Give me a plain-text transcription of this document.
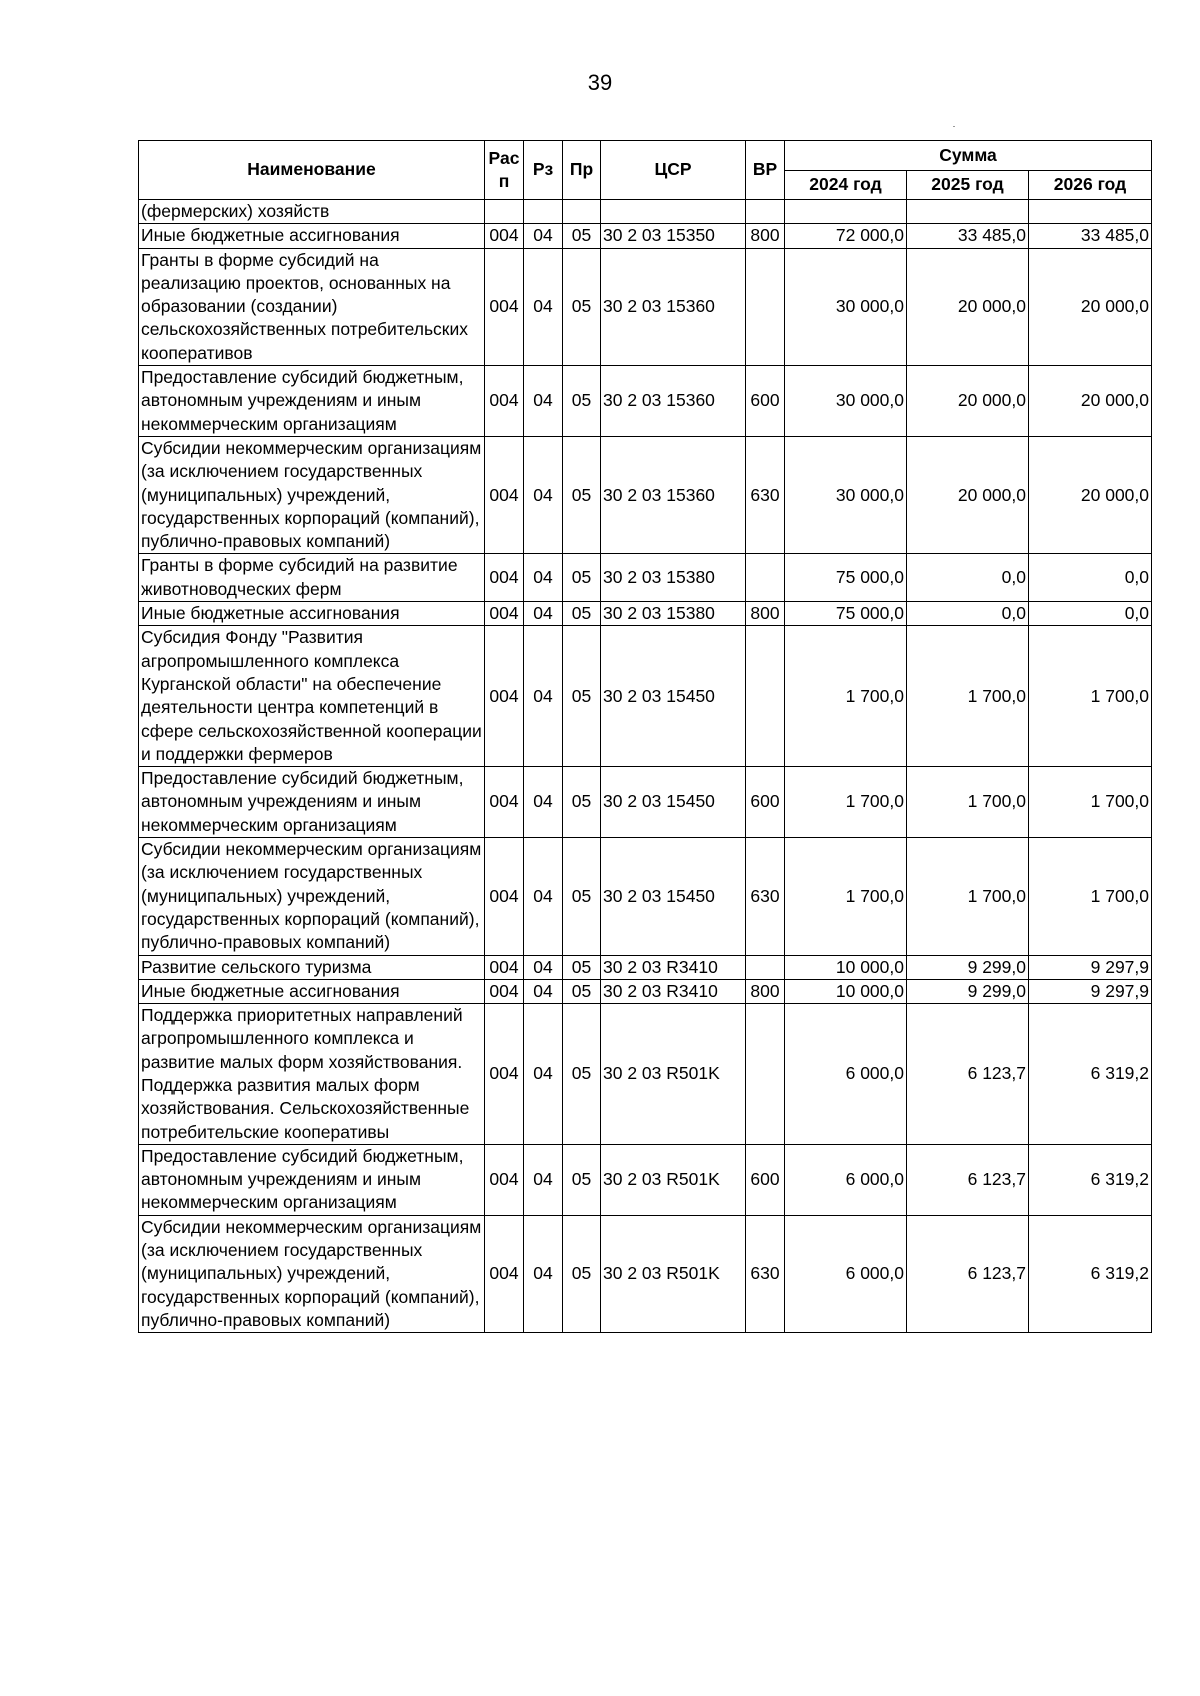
39
Наименование	Рас п	Рз	Пр	ЦСР	ВР	Сумма		
						2024 год	2025 год	2026 год
(фермерских) хозяйств								
Иные бюджетные ассигнования	004	04	05	30 2 03 15350	800	72 000,0	33 485,0	33 485,0
Гранты в форме субсидий на реализацию проектов, основанных на образовании (создании) сельскохозяйственных потребительских кооперативов	004	04	05	30 2 03 15360		30 000,0	20 000,0	20 000,0
Предоставление субсидий бюджетным, автономным учреждениям и иным некоммерческим организациям	004	04	05	30 2 03 15360	600	30 000,0	20 000,0	20 000,0
Субсидии некоммерческим организациям (за исключением государственных (муниципальных) учреждений, государственных корпораций (компаний), публично-правовых компаний)	004	04	05	30 2 03 15360	630	30 000,0	20 000,0	20 000,0
Гранты в форме субсидий на развитие животноводческих ферм	004	04	05	30 2 03 15380		75 000,0	0,0	0,0
Иные бюджетные ассигнования	004	04	05	30 2 03 15380	800	75 000,0	0,0	0,0
Субсидия Фонду "Развития агропромышленного комплекса Курганской области" на обеспечение деятельности центра компетенций в сфере сельскохозяйственной кооперации и поддержки фермеров	004	04	05	30 2 03 15450		1 700,0	1 700,0	1 700,0
Предоставление субсидий бюджетным, автономным учреждениям и иным некоммерческим организациям	004	04	05	30 2 03 15450	600	1 700,0	1 700,0	1 700,0
Субсидии некоммерческим организациям (за исключением государственных (муниципальных) учреждений, государственных корпораций (компаний), публично-правовых компаний)	004	04	05	30 2 03 15450	630	1 700,0	1 700,0	1 700,0
Развитие сельского туризма	004	04	05	30 2 03 R3410		10 000,0	9 299,0	9 297,9
Иные бюджетные ассигнования	004	04	05	30 2 03 R3410	800	10 000,0	9 299,0	9 297,9
Поддержка приоритетных направлений агропромышленного комплекса и развитие малых форм хозяйствования. Поддержка развития малых форм хозяйствования. Сельскохозяйственные потребительские кооперативы	004	04	05	30 2 03 R501K		6 000,0	6 123,7	6 319,2
Предоставление субсидий бюджетным, автономным учреждениям и иным некоммерческим организациям	004	04	05	30 2 03 R501K	600	6 000,0	6 123,7	6 319,2
Субсидии некоммерческим организациям (за исключением государственных (муниципальных) учреждений, государственных корпораций (компаний), публично-правовых компаний)	004	04	05	30 2 03 R501K	630	6 000,0	6 123,7	6 319,2
